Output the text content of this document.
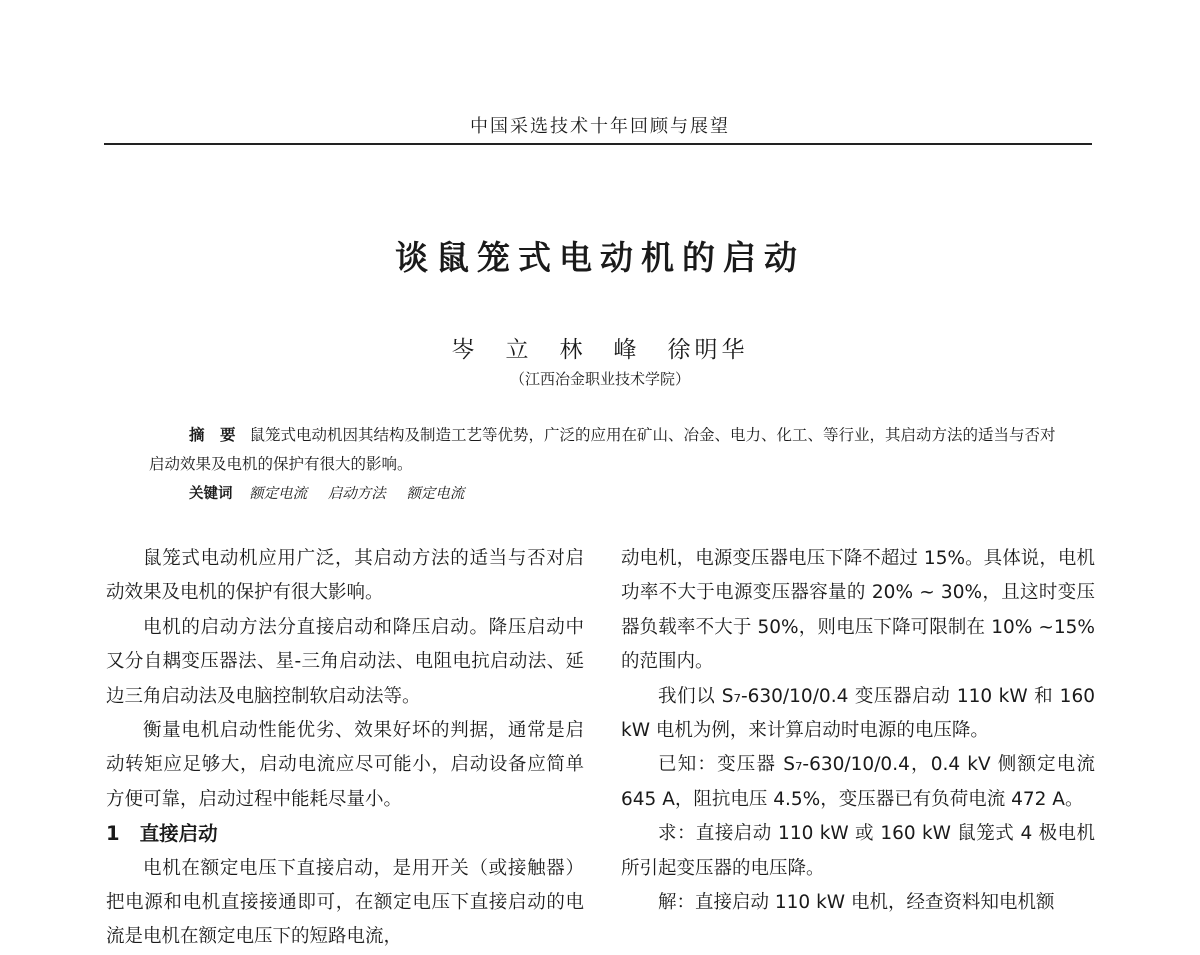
中国采选技术十年回顾与展望
谈鼠笼式电动机的启动
岑　立　林　峰　徐明华
（江西冶金职业技术学院）
摘　要 鼠笼式电动机因其结构及制造工艺等优势，广泛的应用在矿山、冶金、电力、化工、等行业，其启动方法的适当与否对启动效果及电机的保护有很大的影响。
关键词 额定电流 启动方法 额定电流

鼠笼式电动机应用广泛，其启动方法的适当与否对启动效果及电机的保护有很大影响。

电机的启动方法分直接启动和降压启动。降压启动中又分自耦变压器法、星-三角启动法、电阻电抗启动法、延边三角启动法及电脑控制软启动法等。

衡量电机启动性能优劣、效果好坏的判据，通常是启动转矩应足够大，启动电流应尽可能小，启动设备应简单方便可靠，启动过程中能耗尽量小。

1 直接启动

电机在额定电压下直接启动，是用开关（或接触器）把电源和电机直接接通即可，在额定电压下直接启动的电流是电机在额定电压下的短路电流，

动电机，电源变压器电压下降不超过 15%。具体说，电机功率不大于电源变压器容量的 20% ~ 30%，且这时变压器负载率不大于 50%，则电压下降可限制在 10% ~15% 的范围内。

我们以 S₇-630/10/0.4 变压器启动 110 kW 和 160 kW 电机为例，来计算启动时电源的电压降。

已知：变压器 S₇-630/10/0.4，0.4 kV 侧额定电流 645 A，阻抗电压 4.5%，变压器已有负荷电流 472 A。

求：直接启动 110 kW 或 160 kW 鼠笼式 4 极电机所引起变压器的电压降。

解：直接启动 110 kW 电机，经查资料知电机额
